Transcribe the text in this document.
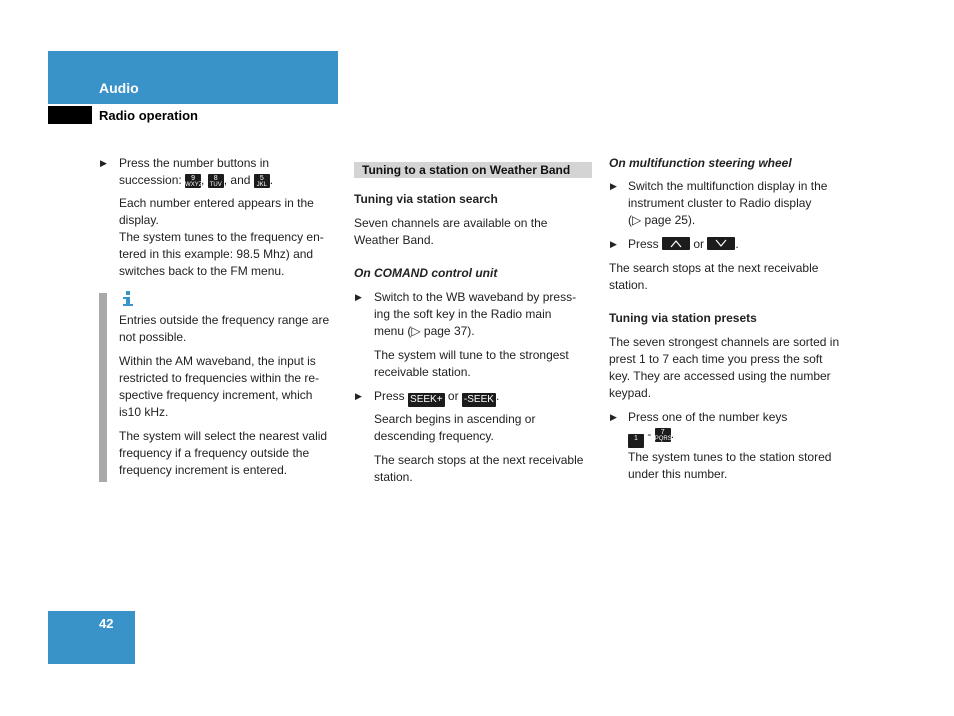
Audio
Radio operation
▶	Press the number buttons in
succession:	9
WXYZ,	8
TUV , and	5
JKL .
Each number entered appears in the
display.
The system tunes to the frequency en-
tered in this example: 98.5 Mhz) and
switches back to the FM menu.
Entries outside the frequency range are
not possible.
Within the AM waveband, the input is
restricted to frequencies within the re-
spective frequency increment, which
is10 kHz.
The system will select the nearest valid
frequency if a frequency outside the
frequency increment is entered.
Tuning to a station on Weather Band
Tuning via station search
Seven channels are available on the
Weather Band.
On COMAND control unit
▶	Switch to the WB waveband by press-
ing the soft key in the Radio main
menu (▷ page 37).
The system will tune to the strongest
receivable station.
▶	Press SEEK+ or -SEEK .
Search begins in ascending or
descending frequency.
The search stops at the next receivable
station.
On multifunction steering wheel
▶ Switch the multifunction display in the
instrument cluster to Radio display
(▷ page 25).
▶ Press	or	.
The search stops at the next receivable
station.
Tuning via station presets
The seven strongest channels are sorted in
prest 1 to 7 each time you press the soft
key. They are accessed using the number
keypad.
▶ Press one of the number keys
1 -	7
PQRS.
The system tunes to the station stored
under this number.
42
